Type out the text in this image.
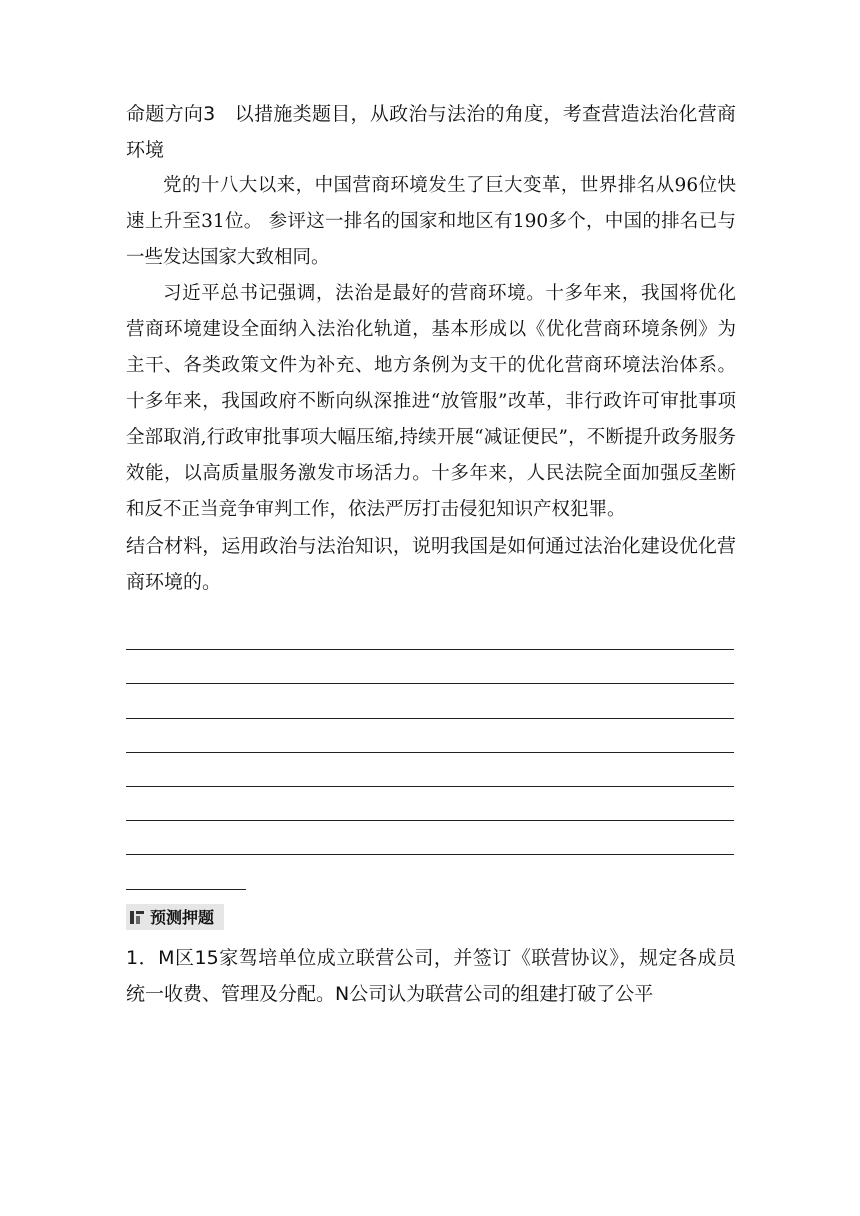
命题方向3　以措施类题目，从政治与法治的角度，考查营造法治化营商环境

党的十八大以来，中国营商环境发生了巨大变革，世界排名从96位快速上升至31位。 参评这一排名的国家和地区有190多个，中国的排名已与一些发达国家大致相同。

习近平总书记强调，法治是最好的营商环境。十多年来，我国将优化营商环境建设全面纳入法治化轨道，基本形成以《优化营商环境条例》为主干、各类政策文件为补充、地方条例为支干的优化营商环境法治体系。十多年来，我国政府不断向纵深推进“放管服”改革，非行政许可审批事项全部取消,行政审批事项大幅压缩,持续开展“减证便民”，不断提升政务服务效能，以高质量服务激发市场活力。十多年来，人民法院全面加强反垄断和反不正当竞争审判工作，依法严厉打击侵犯知识产权犯罪。

结合材料，运用政治与法治知识，说明我国是如何通过法治化建设优化营商环境的。

预测押题

1．M区15家驾培单位成立联营公司，并签订《联营协议》，规定各成员统一收费、管理及分配。N公司认为联营公司的组建打破了公平
